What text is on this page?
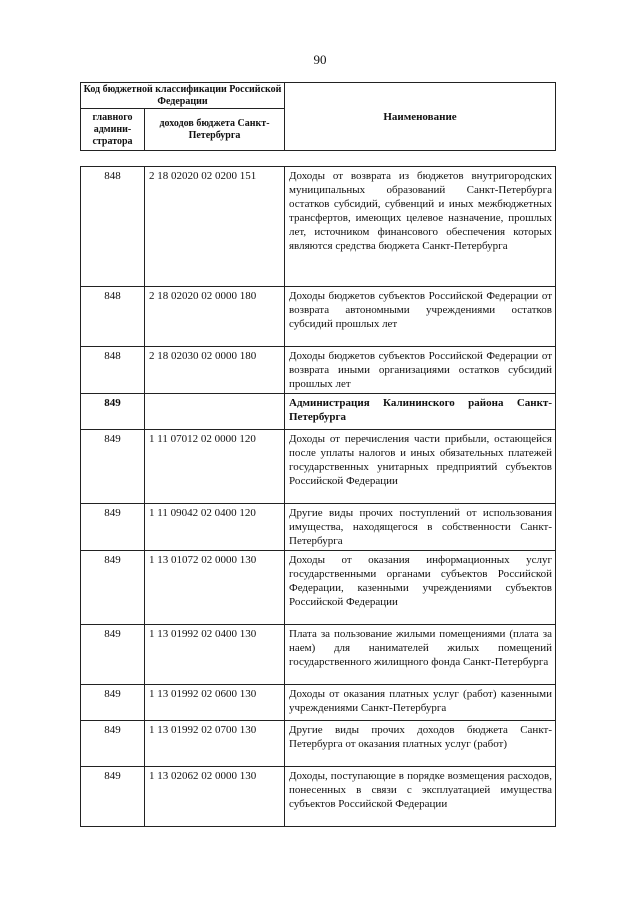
90
Код бюджетной классификации Российской Федерации		Наименование
главного админи-стратора	доходов бюджета Санкт-Петербурга	
848	2 18 02020 02 0200 151	Доходы от возврата из бюджетов внутригородских муниципальных образований Санкт-Петербурга остатков субсидий, субвенций и иных межбюджетных трансфертов, имеющих целевое назначение, прошлых лет, источником финансового обеспечения которых являются средства бюджета Санкт-Петербурга
848	2 18 02020 02 0000 180	Доходы бюджетов субъектов Российской Федерации от возврата автономными учреждениями остатков субсидий прошлых лет
848	2 18 02030 02 0000 180	Доходы бюджетов субъектов Российской Федерации от возврата иными организациями остатков субсидий прошлых лет
849		Администрация Калининского района Санкт-Петербурга
849	1 11 07012 02 0000 120	Доходы от перечисления части прибыли, остающейся после уплаты налогов и иных обязательных платежей государственных унитарных предприятий субъектов Российской Федерации
849	1 11 09042 02 0400 120	Другие виды прочих поступлений от использования имущества, находящегося в собственности Санкт-Петербурга
849	1 13 01072 02 0000 130	Доходы от оказания информационных услуг государственными органами субъектов Российской Федерации, казенными учреждениями субъектов Российской Федерации
849	1 13 01992 02 0400 130	Плата за пользование жилыми помещениями (плата за наем) для нанимателей жилых помещений государственного жилищного фонда Санкт-Петербурга
849	1 13 01992 02 0600 130	Доходы от оказания платных услуг (работ) казенными учреждениями Санкт-Петербурга
849	1 13 01992 02 0700 130	Другие виды прочих доходов бюджета Санкт-Петербурга от оказания платных услуг (работ)
849	1 13 02062 02 0000 130	Доходы, поступающие в порядке возмещения расходов, понесенных в связи с эксплуатацией имущества субъектов Российской Федерации
